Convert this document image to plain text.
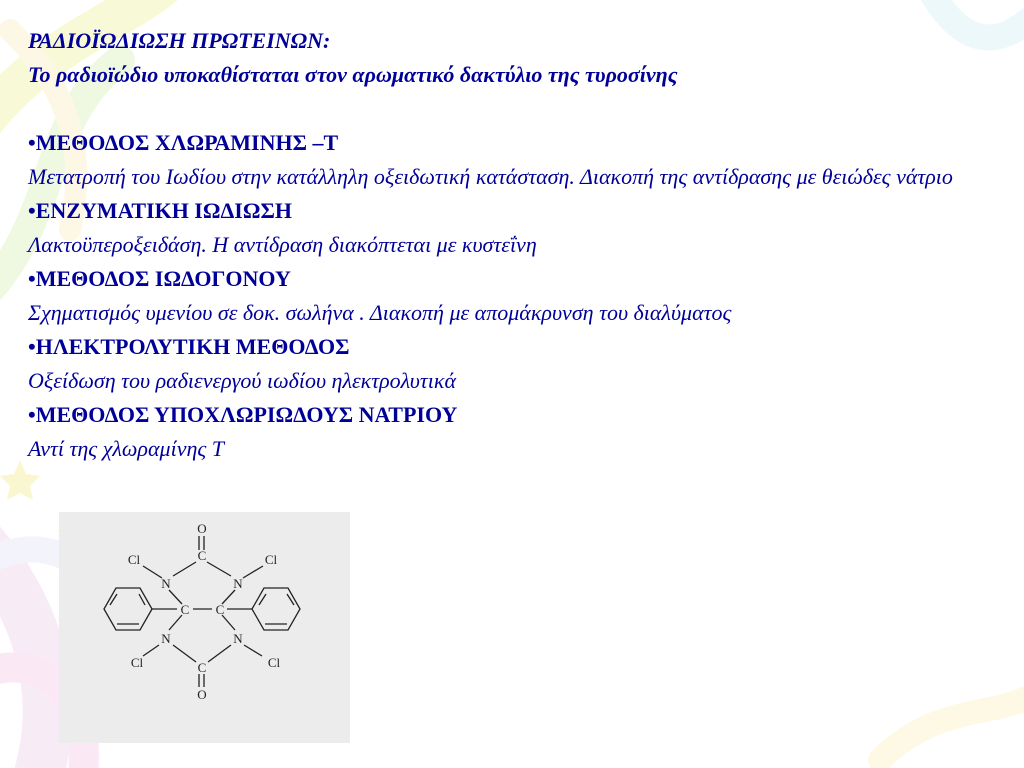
ΡΑΔΙΟΪΩΔΙΩΣΗ ΠΡΩΤΕΙΝΩΝ:
Το ραδιοϊώδιο υποκαθίσταται στον αρωματικό δακτύλιο της τυροσίνης
•ΜΕΘΟΔΟΣ ΧΛΩΡΑΜΙΝΗΣ –Τ
Μετατροπή του Ιωδίου στην κατάλληλη οξειδωτική κατάσταση. Διακοπή της αντίδρασης με θειώδες νάτριο
•ΕΝΖΥΜΑΤΙΚΗ ΙΩΔΙΩΣΗ
Λακτοϋπεροξειδάση. Η αντίδραση διακόπτεται με κυστεΐνη
•ΜΕΘΟΔΟΣ ΙΩΔΟΓΟΝΟΥ
Σχηματισμός υμενίου σε δοκ. σωλήνα . Διακοπή με απομάκρυνση του διαλύματος
•ΗΛΕΚΤΡΟΛΥΤΙΚΗ ΜΕΘΟΔΟΣ
Οξείδωση του ραδιενεργού ιωδίου ηλεκτρολυτικά
•ΜΕΘΟΔΟΣ ΥΠΟΧΛΩΡΙΩΔΟΥΣ ΝΑΤΡΙΟΥ
Αντί της χλωραμίνης Τ
O
C
Cl	Cl
N	N
C C
N	N
Cl	Cl
C
O
